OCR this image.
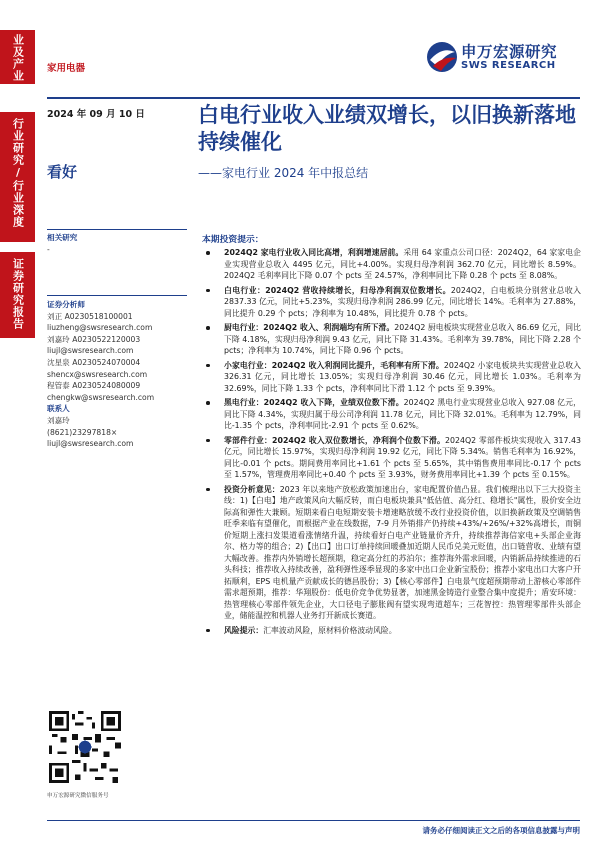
业及产业
行业研究/行业深度
证券研究报告
家用电器
申万宏源研究
SWS RESEARCH
2024 年 09 月 10 日
看好
白电行业收入业绩双增长，以旧换新落地持续催化
——家电行业 2024 年中报总结
相关研究
-
证券分析师
刘正 A0230518100001
liuzheng@swsresearch.com
刘嘉玲 A0230522120003
liujl@swsresearch.com
沈星泉 A0230524070004
shencx@swsresearch.com
程管泰 A0230524080009
chengkw@swsresearch.com
联系人
刘嘉玲
(8621)23297818×
liujl@swsresearch.com
申万宏源研究微信服务号
本期投资提示：
2024Q2 家电行业收入同比高增，利润增速居前。采用 64 家重点公司口径：2024Q2，64 家家电企业实现营业总收入 4495 亿元，同比+4.00%。实现归母净利润 362.70 亿元，同比增长 8.59%。2024Q2 毛利率同比下降 0.07 个 pcts 至 24.57%，净利率同比下降 0.28 个 pcts 至 8.08%。
白电行业：2024Q2 营收持续增长，归母净利润双位数增长。2024Q2，白电板块分别营业总收入 2837.33 亿元，同比+5.23%，实现归母净利润 286.99 亿元，同比增长 14%。毛利率为 27.88%，同比提升 0.29 个 pcts；净利率为 10.48%，同比提升 0.78 个 pcts。
厨电行业：2024Q2 收入、利润端均有所下滑。2024Q2 厨电板块实现营业总收入 86.69 亿元，同比下降 4.18%，实现归母净利润 9.43 亿元，同比下降 31.43%。毛利率为 39.78%，同比下降 2.28 个 pcts；净利率为 10.74%，同比下降 0.96 个 pcts。
小家电行业：2024Q2 收入利润同比提升，毛利率有所下滑。2024Q2 小家电板块共实现营业总收入 326.31 亿元，同比增长 13.05%；实现归母净利润 30.46 亿元，同比增长 1.03%。毛利率为 32.69%，同比下降 1.33 个 pcts，净利率同比下滑 1.12 个 pcts 至 9.39%。
黑电行业：2024Q2 收入下降，业绩双位数下滑。2024Q2 黑电行业实现营业总收入 927.08 亿元，同比下降 4.34%，实现归属于母公司净利润 11.78 亿元，同比下降 32.01%。毛利率为 12.79%，同比-1.35 个 pcts，净利率同比-2.91 个 pcts 至 0.62%。
零部件行业：2024Q2 收入双位数增长，净利润个位数下滑。2024Q2 零部件板块实现收入 317.43 亿元，同比增长 15.97%，实现归母净利润 19.92 亿元，同比下降 5.34%。销售毛利率为 16.92%，同比-0.01 个 pcts。期间费用率同比+1.61 个 pcts 至 5.65%，其中销售费用率同比-0.17 个 pcts 至 1.57%，管理费用率同比+0.40 个 pcts 至 3.93%，财务费用率同比+1.39 个 pcts 至 0.15%。
投资分析意见：2023 年以来地产放松政策加速出台，家电配置价值凸显。我们梳理出以下三大投资主线：1)【白电】地产政策风向大幅反转，而白电板块兼具"低估值、高分红、稳增长"属性，股价安全边际高和弹性大兼顾。短期来看白电短期安装卡增速略放缓不改行业投资价值，以旧换新政策及空调销售旺季来临有望催化，而根据产业在线数据，7-9 月外销排产仍持续+43%/+26%/+32%高增长，而铜价短期上涨扫发渠道看涨情绪升温，持续看好白电产业链量价齐升，持续推荐海信家电+头部企业海尔、格力等的组合；2)【出口】出口订单持续回暖叠加近期人民币兑美元贬值，出口链营收、业绩有望大幅改善。推荐内外销增长超预期，稳定高分红的苏泊尔；推荐海外需求回暖，内销新品持续推进的石头科技；推荐收入持续改善，盈利弹性逐季显现的多家中出口企业新宝股份；推荐小家电出口大客户开拓顺利，EPS 电机量产贡献成长的德昌股份；3)【核心零部件】白电景气度超预期带动上游核心零部件需求超预期，推荐：华翔股份：低电价竞争优势显著，加速黑金铸造行业整合集中度提升；盾安环境：热管理核心零部件领先企业，大口径电子膨胀阀有望实现弯道超车；三花智控：热管理零部件头部企业，储能温控和机器人业务打开新成长赛道。
风险提示：汇率波动风险，原材料价格波动风险。
请务必仔细阅读正文之后的各项信息披露与声明
